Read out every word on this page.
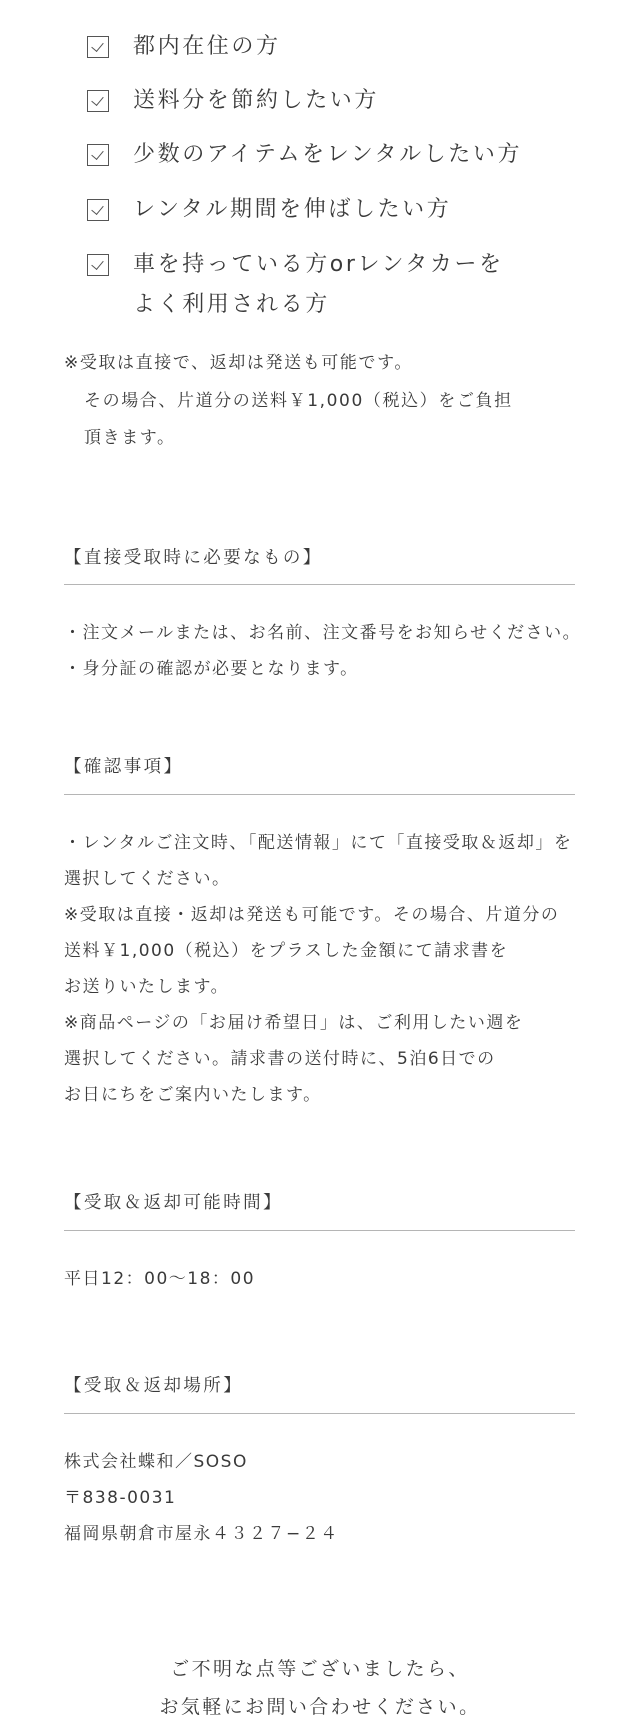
都内在住の方
送料分を節約したい方
少数のアイテムをレンタルしたい方
レンタル期間を伸ばしたい方
車を持っている方orレンタカーを
よく利用される方
※受取は直接で、返却は発送も可能です。
その場合、片道分の送料￥1,000（税込）をご負担
頂きます。
【直接受取時に必要なもの】
・注文メールまたは、お名前、注文番号をお知らせください。
・身分証の確認が必要となります。
【確認事項】
・レンタルご注文時、「配送情報」にて「直接受取＆返却」を
選択してください。
※受取は直接・返却は発送も可能です。その場合、片道分の
送料￥1,000（税込）をプラスした金額にて請求書を
お送りいたします。
※商品ページの「お届け希望日」は、ご利用したい週を
選択してください。請求書の送付時に、5泊6日での
お日にちをご案内いたします。
【受取＆返却可能時間】
平日12：00〜18：00
【受取＆返却場所】
株式会社蝶和／SOSO
〒838-0031
福岡県朝倉市屋永４３２７−２４
ご不明な点等ございましたら、
お気軽にお問い合わせください。
